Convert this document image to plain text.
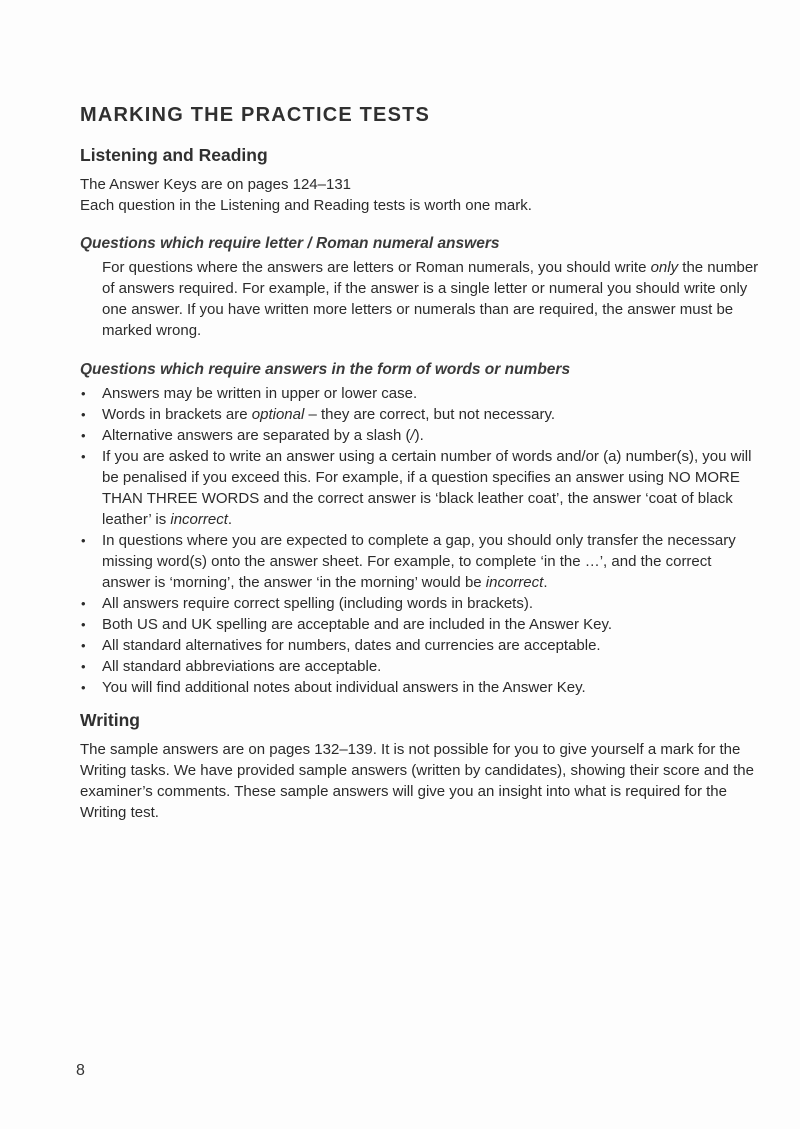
MARKING THE PRACTICE TESTS
Listening and Reading

The Answer Keys are on pages 124–131

Each question in the Listening and Reading tests is worth one mark.

Questions which require letter / Roman numeral answers

For questions where the answers are letters or Roman numerals, you should write only the number of answers required. For example, if the answer is a single letter or numeral you should write only one answer. If you have written more letters or numerals than are required, the answer must be marked wrong.

Questions which require answers in the form of words or numbers
• Answers may be written in upper or lower case.
• Words in brackets are optional – they are correct, but not necessary.
• Alternative answers are separated by a slash (/).
• If you are asked to write an answer using a certain number of words and/or (a) number(s), you will be penalised if you exceed this. For example, if a question specifies an answer using NO MORE THAN THREE WORDS and the correct answer is ‘black leather coat’, the answer ‘coat of black leather’ is incorrect.
• In questions where you are expected to complete a gap, you should only transfer the necessary missing word(s) onto the answer sheet. For example, to complete ‘in the …’, and the correct answer is ‘morning’, the answer ‘in the morning’ would be incorrect.
• All answers require correct spelling (including words in brackets).
• Both US and UK spelling are acceptable and are included in the Answer Key.
• All standard alternatives for numbers, dates and currencies are acceptable.
• All standard abbreviations are acceptable.
• You will find additional notes about individual answers in the Answer Key.
Writing

The sample answers are on pages 132–139. It is not possible for you to give yourself a mark for the Writing tasks. We have provided sample answers (written by candidates), showing their score and the examiner’s comments. These sample answers will give you an insight into what is required for the Writing test.

8
